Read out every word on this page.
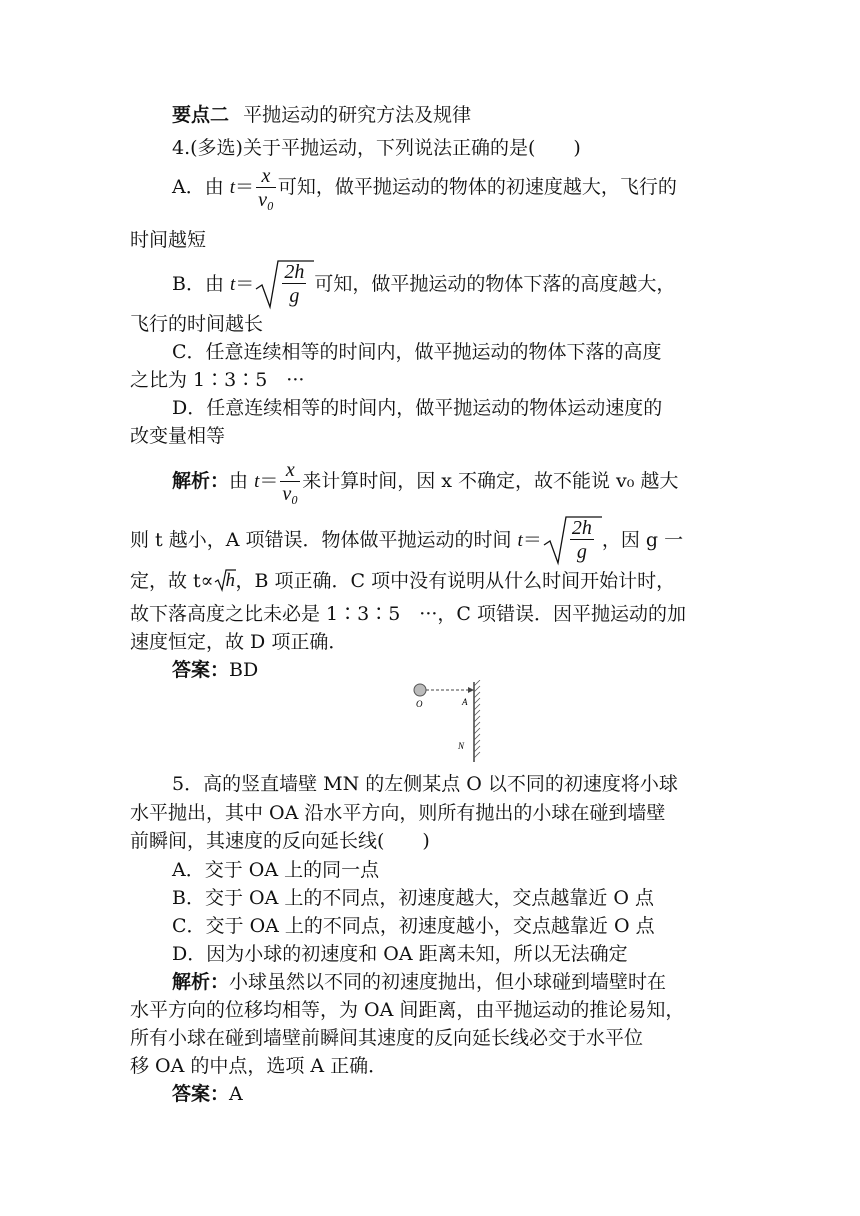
要点二 平抛运动的研究方法及规律
4.(多选)关于平抛运动，下列说法正确的是(　　)
A．由 $t= \frac{x}{\text{v₀}}$ 可知，做平抛运动的物体的初速度越大，飞行的
时间越短
B．由 t＝
2h
g
可知，做平抛运动的物体下落的高度越大，
飞行的时间越长
C．任意连续相等的时间内，做平抛运动的物体下落的高度
之比为 1∶3∶5　···
D．任意连续相等的时间内，做平抛运动的物体运动速度的
改变量相等
解析：由 $t= \frac{x}{\text{v₀}}$ 来计算时间，因 x 不确定，故不能说 v₀ 越大
则 t 越小，A 项错误．物体做平抛运动的时间 t＝
2h
g
，因 g 一
定，故 t∝ h ，B 项正确．C 项中没有说明从什么时间开始计时，
故下落高度之比未必是 1∶3∶5　···，C 项错误．因平抛运动的加
速度恒定，故 D 项正确．
答案：BD
O	A
N
5．高的竖直墙壁 MN 的左侧某点 O 以不同的初速度将小球
水平抛出，其中 OA 沿水平方向，则所有抛出的小球在碰到墙壁
前瞬间，其速度的反向延长线(　　)
A．交于 OA 上的同一点
B．交于 OA 上的不同点，初速度越大，交点越靠近 O 点
C．交于 OA 上的不同点，初速度越小，交点越靠近 O 点
D．因为小球的初速度和 OA 距离未知，所以无法确定
解析：小球虽然以不同的初速度抛出，但小球碰到墙壁时在
水平方向的位移均相等，为 OA 间距离，由平抛运动的推论易知，
所有小球在碰到墙壁前瞬间其速度的反向延长线必交于水平位
移 OA 的中点，选项 A 正确．
答案：A
